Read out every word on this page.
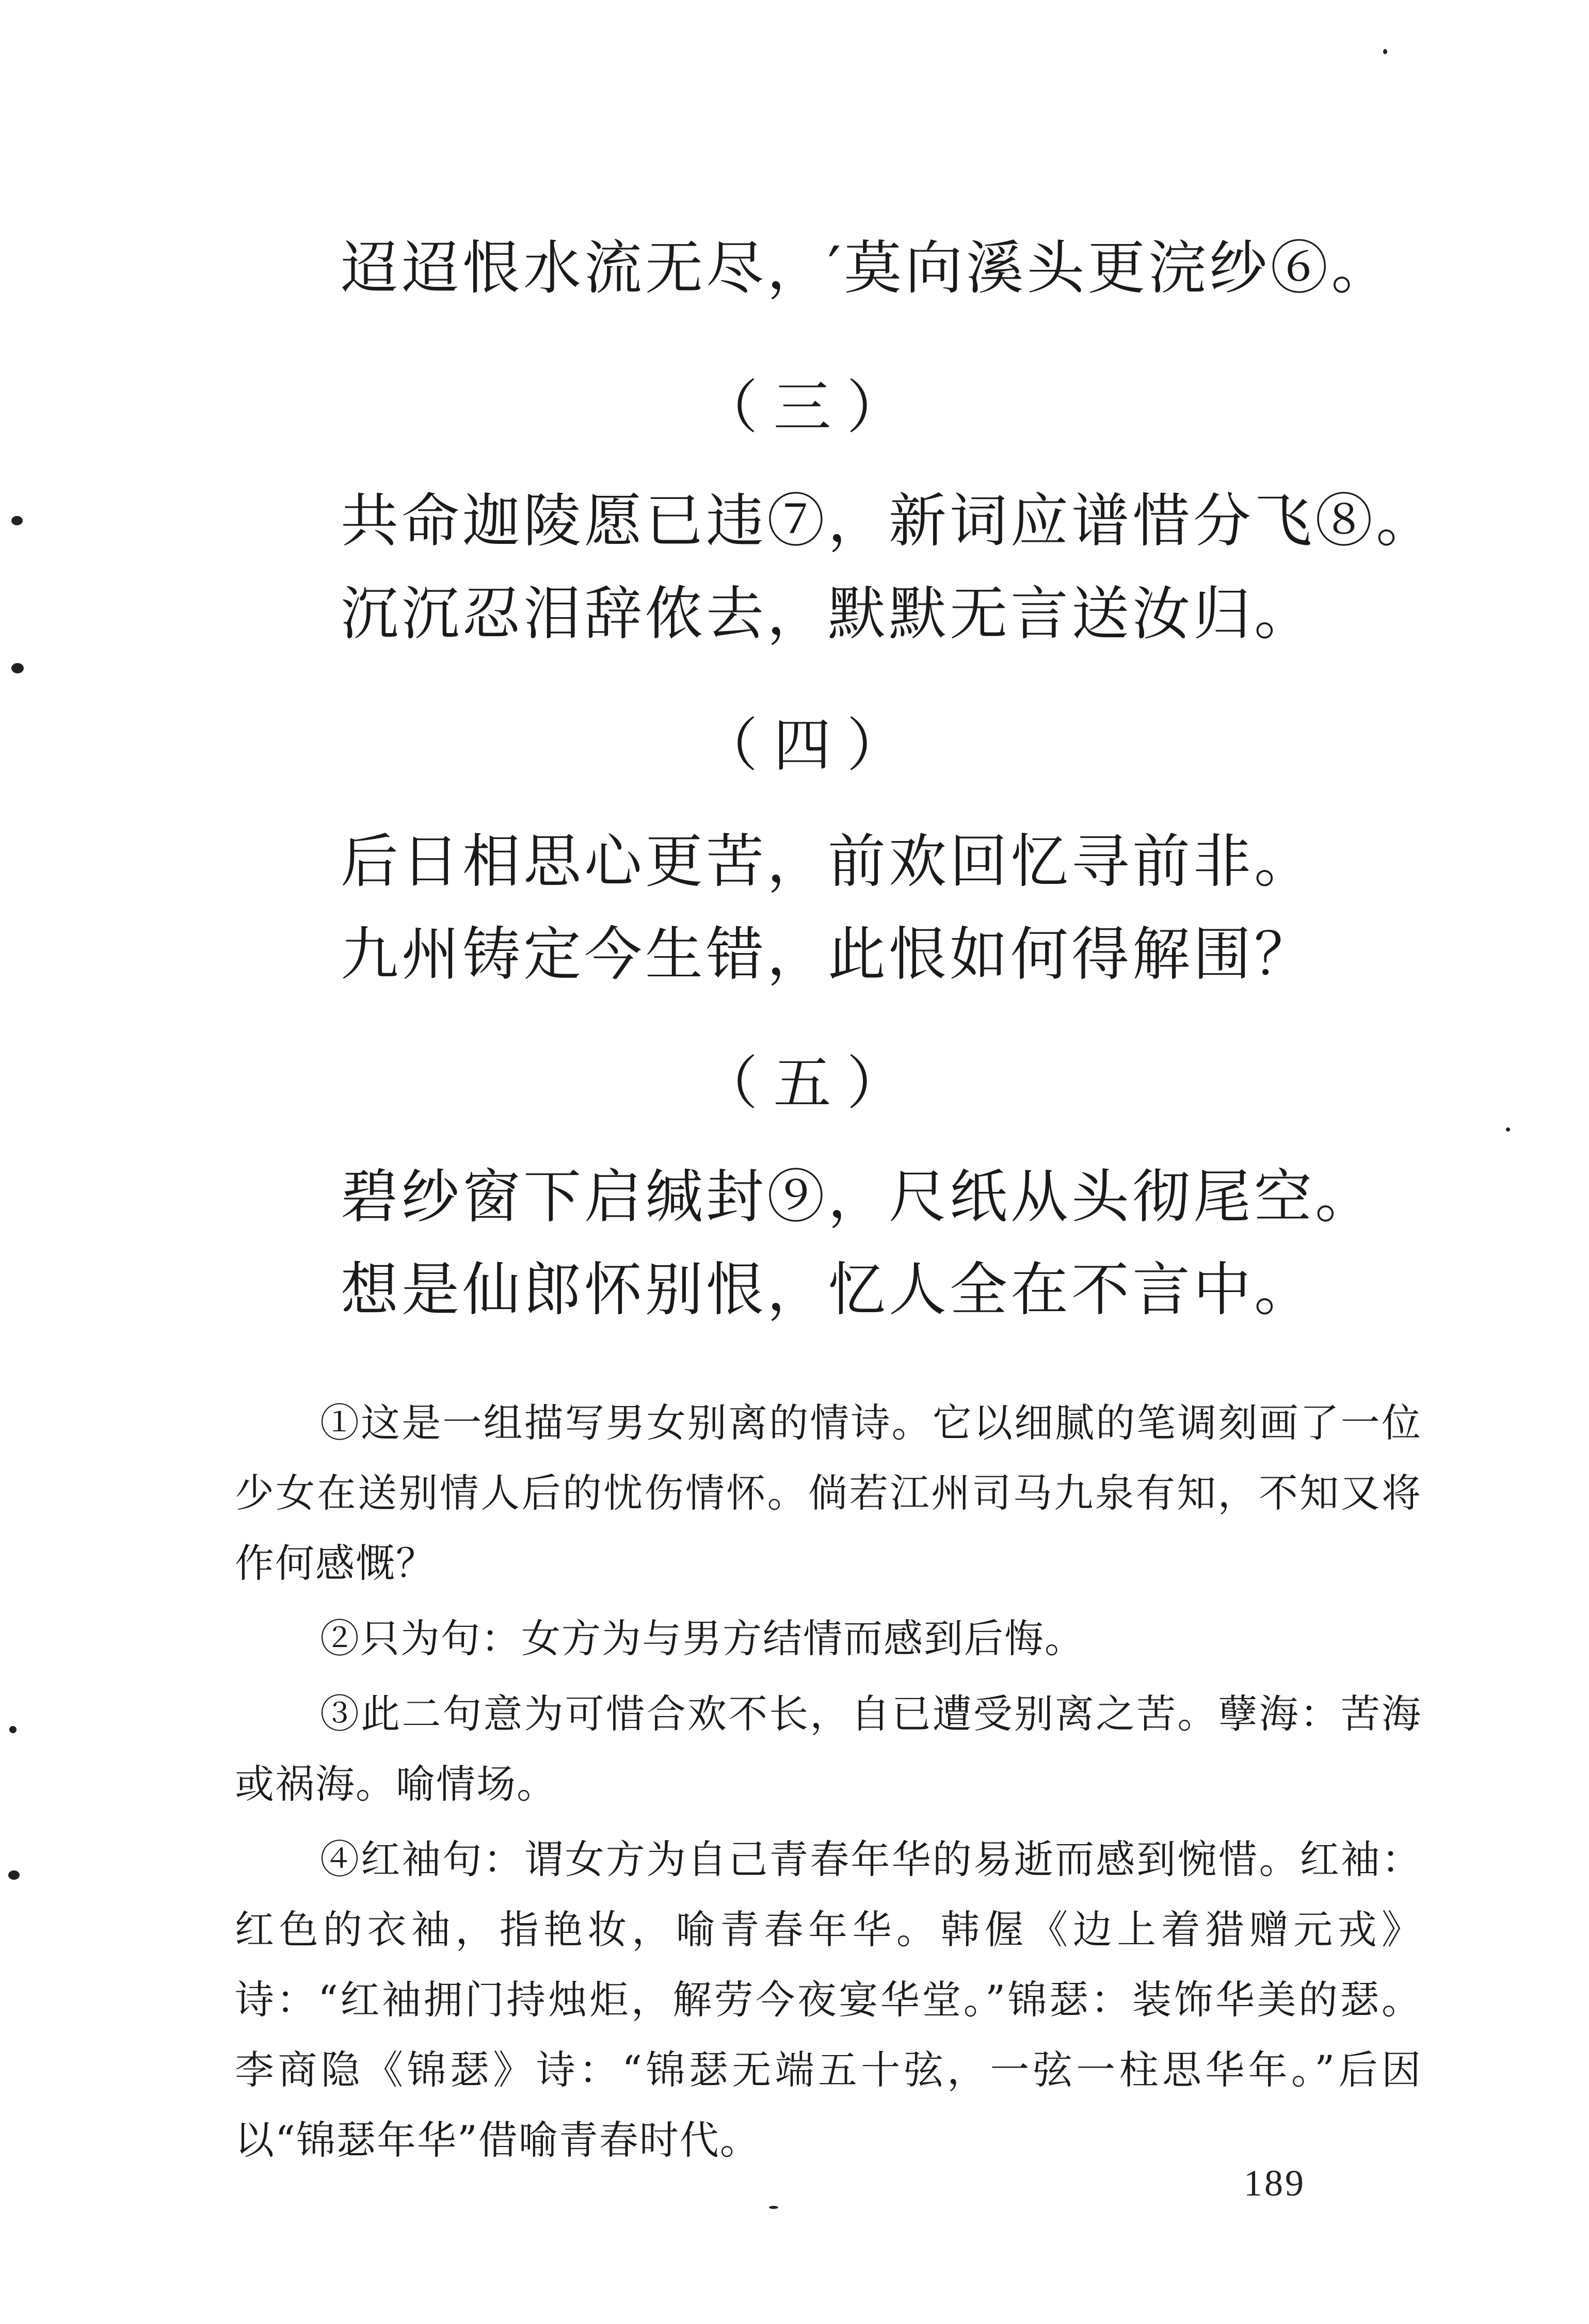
迢迢恨水流无尽，′莫向溪头更浣纱⑥。

（三）

共命迦陵愿已违⑦，新词应谱惜分飞⑧。

沉沉忍泪辞侬去，默默无言送汝归。

（四）

后日相思心更苦，前欢回忆寻前非。

九州铸定今生错，此恨如何得解围？

（五）

碧纱窗下启缄封⑨，尺纸从头彻尾空。

想是仙郎怀别恨，忆人全在不言中。

①这是一组描写男女别离的情诗。它以细腻的笔调刻画了一位少女在送别情人后的忧伤情怀。倘若江州司马九泉有知，不知又将作何感慨？

②只为句：女方为与男方结情而感到后悔。

③此二句意为可惜合欢不长，自已遭受别离之苦。孽海：苦海或祸海。喻情场。

④红袖句：谓女方为自己青春年华的易逝而感到惋惜。红袖：红色的衣袖，指艳妆，喻青春年华。韩偓《边上着猎赠元戎》诗：“红袖拥门持烛炬，解劳今夜宴华堂。”锦瑟：装饰华美的瑟。李商隐《锦瑟》诗：“锦瑟无端五十弦，一弦一柱思华年。”后因以“锦瑟年华”借喻青春时代。

189
